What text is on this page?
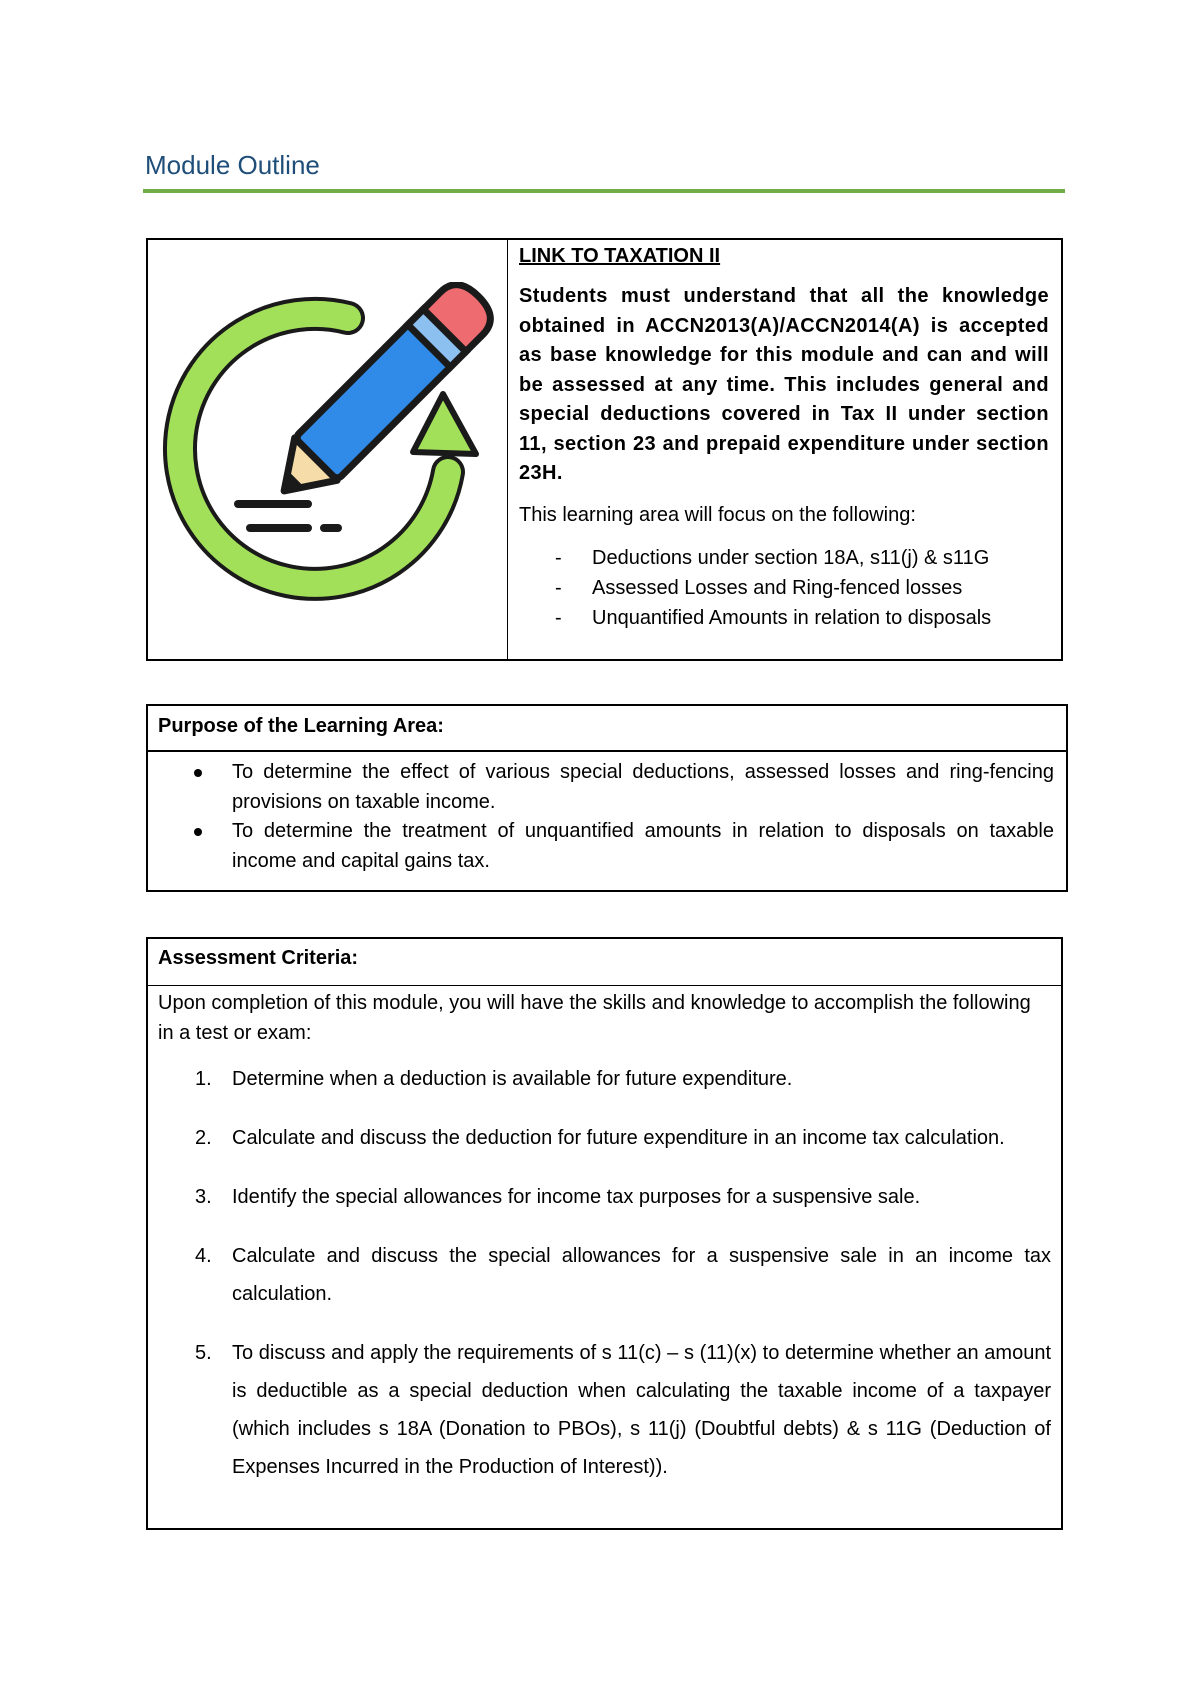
Module Outline
LINK TO TAXATION II
Students must understand that all the knowledge obtained in ACCN2013(A)/ACCN2014(A) is accepted as base knowledge for this module and can and will be assessed at any time. This includes general and special deductions covered in Tax II under section 11, section 23 and prepaid expenditure under section 23H.
This learning area will focus on the following:
- Deductions under section 18A, s11(j) & s11G
- Assessed Losses and Ring-fenced losses
- Unquantified Amounts in relation to disposals
Purpose of the Learning Area:
To determine the effect of various special deductions, assessed losses and ring-fencing provisions on taxable income.
To determine the treatment of unquantified amounts in relation to disposals on taxable income and capital gains tax.
Assessment Criteria:
Upon completion of this module, you will have the skills and knowledge to accomplish the following in a test or exam:
1. Determine when a deduction is available for future expenditure.
2. Calculate and discuss the deduction for future expenditure in an income tax calculation.
3. Identify the special allowances for income tax purposes for a suspensive sale.
4. Calculate and discuss the special allowances for a suspensive sale in an income tax calculation.
5. To discuss and apply the requirements of s 11(c) – s (11)(x) to determine whether an amount is deductible as a special deduction when calculating the taxable income of a taxpayer (which includes s 18A (Donation to PBOs), s 11(j) (Doubtful debts) & s 11G (Deduction of Expenses Incurred in the Production of Interest)).
